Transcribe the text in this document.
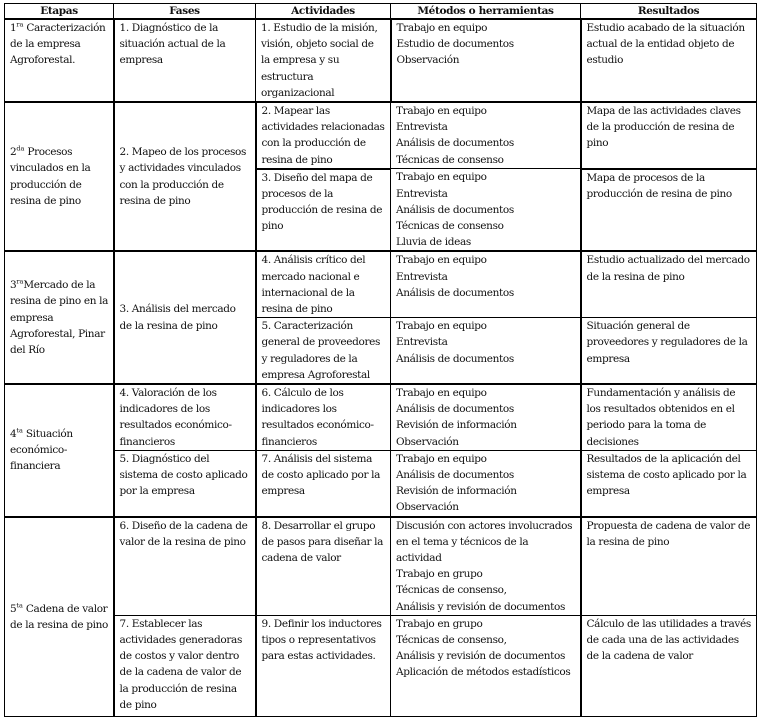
Etapas	Fases	Actividades	Métodos o herramientas	Resultados
$1^{ra}$ Caracterización de la empresa Agroforestal.	1. Diagnóstico de la situación actual de la empresa	1. Estudio de la misión, visión, objeto social de la empresa y su estructura organizacional	Trabajo en equipo
Estudio de documentos
Observación	Estudio acabado de la situación actual de la entidad objeto de estudio

$2^{da}$ Procesos vinculados en la producción de resina de pino	2. Mapeo de los procesos y actividades vinculados con la producción de resina de pino	2. Mapear las actividades relacionadas con la producción de resina de pino	Trabajo en equipo
Entrevista
Análisis de documentos
Técnicas de consenso	Mapa de las actividades claves de la producción de resina de pino

		3. Diseño del mapa de procesos de la producción de resina de pino	Trabajo en equipo
Entrevista
Análisis de documentos
Técnicas de consenso
Lluvia de ideas	Mapa de procesos de la producción de resina de pino

$3^{ra}Mercado$ de la resina de pino en la empresa Agroforestal, Pinar del Río	3. Análisis del mercado de la resina de pino	4. Análisis crítico del mercado nacional e internacional de la resina de pino	Trabajo en equipo
Entrevista
Análisis de documentos	Estudio actualizado del mercado de la resina de pino

		5. Caracterización general de proveedores y reguladores de la empresa Agroforestal	Trabajo en equipo
Entrevista
Análisis de documentos	Situación general de proveedores y reguladores de la empresa

$4^{ta}$ Situación económico-financiera	4. Valoración de los indicadores de los resultados económico-financieros	6. Cálculo de los indicadores los resultados económico-financieros	Trabajo en equipo
Análisis de documentos
Revisión de información
Observación	Fundamentación y análisis de los resultados obtenidos en el periodo para la toma de decisiones

	5. Diagnóstico del sistema de costo aplicado por la empresa	7. Análisis del sistema de costo aplicado por la empresa	Trabajo en equipo
Análisis de documentos
Revisión de información
Observación	Resultados de la aplicación del sistema de costo aplicado por la empresa

$5^{ta}$ Cadena de valor de la resina de pino	6. Diseño de la cadena de valor de la resina de pino	8. Desarrollar el grupo de pasos para diseñar la cadena de valor	Discusión con actores involucrados en el tema y técnicos de la actividad
Trabajo en grupo
Técnicas de consenso,
Análisis y revisión de documentos	Propuesta de cadena de valor de la resina de pino

	7. Establecer las actividades generadoras de costos y valor dentro de la cadena de valor de la producción de resina de pino	9. Definir los inductores tipos o representativos para estas actividades.	Trabajo en grupo
Técnicas de consenso,
Análisis y revisión de documentos
Aplicación de métodos estadísticos	Cálculo de las utilidades a través de cada una de las actividades de la cadena de valor
